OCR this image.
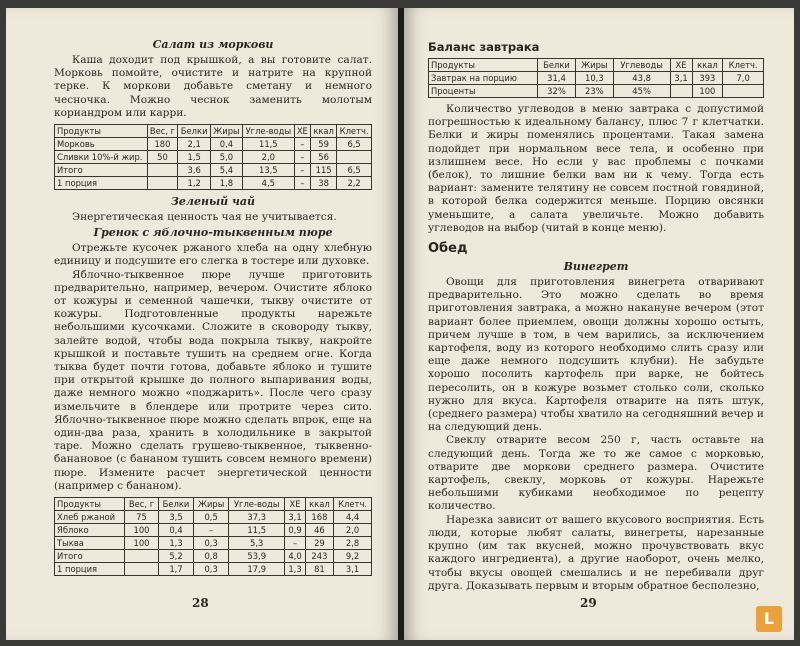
Салат из моркови

Каша доходит под крышкой, а вы готовите салат. Морковь помойте, очистите и натрите на крупной терке. К моркови добавьте сметану и немного чесночка. Можно чеснок заменить молотым кориандром или карри.

Продукты	Вес, г	Белки	Жиры	Угле-воды	ХЕ	ккал	Клетч.
Морковь	180	2,1	0,4	11,5	–	59	6,5
Сливки 10%-й жир.	50	1,5	5,0	2,0	–	56	
Итого		3,6	5,4	13,5	–	115	6,5
1 порция		1,2	1,8	4,5	–	38	2,2
Зеленый чай

Энергетическая ценность чая не учитывается.

Гренок с яблочно-тыквенным пюре

Отрежьте кусочек ржаного хлеба на одну хлебную единицу и подсушите его слегка в тостере или духовке.

Яблочно-тыквенное пюре лучше приготовить предварительно, например, вечером. Очистите яблоко от кожуры и семенной чашечки, тыкву очистите от кожуры. Подготовленные продукты нарежьте небольшими кусочками. Сложите в сковороду тыкву, залейте водой, чтобы вода покрыла тыкву, накройте крышкой и поставьте тушить на среднем огне. Когда тыква будет почти готова, добавьте яблоко и тушите при открытой крышке до полного выпаривания воды, даже немного можно «поджарить». После чего сразу измельчите в блендере или протрите через сито. Яблочно-тыквенное пюре можно сделать впрок, еще на один-два раза, хранить в холодильнике в закрытой таре. Можно сделать грушево-тыквенное, тыквенно-банановое (с бананом тушить совсем немного времени) пюре. Измените расчет энергетической ценности (например с бананом).

Продукты	Вес, г	Белки	Жиры	Угле-воды	ХЕ	ккал	Клетч.
Хлеб ржаной	75	3,5	0,5	37,3	3,1	168	4,4
Яблоко	100	0,4	–	11,5	0,9	46	2,0
Тыква	100	1,3	0,3	5,3	–	29	2,8
Итого		5,2	0,8	53,9	4,0	243	9,2
1 порция		1,7	0,3	17,9	1,3	81	3,1
28
Баланс завтрака
Продукты	Белки	Жиры	Углеводы	ХЕ	ккал	Клетч.
Завтрак на порцию	31,4	10,3	43,8	3,1	393	7,0
Проценты	32%	23%	45%		100	

Количество углеводов в меню завтрака с допустимой погрешностью к идеальному балансу, плюс 7 г клетчатки. Белки и жиры поменялись процентами. Такая замена подойдет при нормальном весе тела, и особенно при излишнем весе. Но если у вас проблемы с почками (белок), то лишние белки вам ни к чему. Тогда есть вариант: замените телятину не совсем постной говядиной, в которой белка содержится меньше. Порцию овсянки уменьшите, а салата увеличьте. Можно добавить углеводов на выбор (читай в конце меню).

Обед
Винегрет

Овощи для приготовления винегрета отваривают предварительно. Это можно сделать во время приготовления завтрака, а можно накануне вечером (этот вариант более приемлем, овощи должны хорошо остыть, причем лучше в том, в чем варились, за исключением картофеля, воду из которого необходимо слить сразу или еще даже немного подсушить клубни). Не забудьте хорошо посолить картофель при варке, не бойтесь пересолить, он в кожуре возьмет столько соли, сколько нужно для вкуса. Картофеля отварите на пять штук, (среднего размера) чтобы хватило на сегодняшний вечер и на следующий день.

Свеклу отварите весом 250 г, часть оставьте на следующий день. Тогда же то же самое с морковью, отварите две моркови среднего размера. Очистите картофель, свеклу, морковь от кожуры. Нарежьте небольшими кубиками необходимое по рецепту количество.

Нарезка зависит от вашего вкусового восприятия. Есть люди, которые любят салаты, винегреты, нарезанные крупно (им так вкусней, можно прочувствовать вкус каждого ингредиента), а другие наоборот, очень мелко, чтобы вкусы овощей смешались и не перебивали друг друга. Доказывать первым и вторым обратное бесполезно,

29
L
